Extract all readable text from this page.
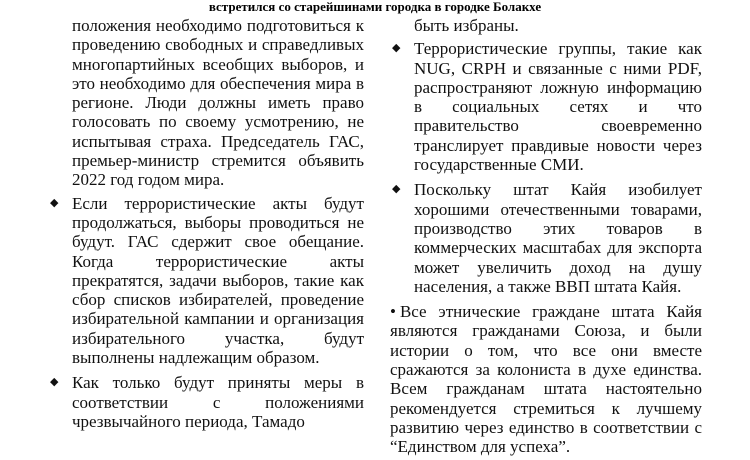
встретился со старейшинами городка в городке Болакхе

положения необходимо подготовиться к проведению свободных и справедливых многопартийных всеобщих выборов, и это необходимо для обеспечения мира в регионе. Люди должны иметь право голосовать по своему усмотрению, не испытывая страха. Председатель ГАС, премьер-министр стремится объявить 2022 год годом мира.

◆ Если террористические акты будут продолжаться, выборы проводиться не будут. ГАС сдержит свое обещание. Когда террористические акты прекратятся, задачи выборов, такие как сбор списков избирателей, проведение избирательной кампании и организация избирательного участка, будут выполнены надлежащим образом.
◆ Как только будут приняты меры в соответствии с положениями чрезвычайного периода, Тамадо

быть избраны.

◆ Террористические группы, такие как NUG, CRPH и связанные с ними PDF, распространяют ложную информацию в социальных сетях и что правительство своевременно транслирует правдивые новости через государственные СМИ.
◆ Поскольку штат Кайя изобилует хорошими отечественными товарами, производство этих товаров в коммерческих масштабах для экспорта может увеличить доход на душу населения, а также ВВП штата Кайя.

• Все этнические граждане штата Кайя являются гражданами Союза, и были истории о том, что все они вместе сражаются за колониста в духе единства. Всем гражданам штата настоятельно рекомендуется стремиться к лучшему развитию через единство в соответствии с “Единством для успеха”.
